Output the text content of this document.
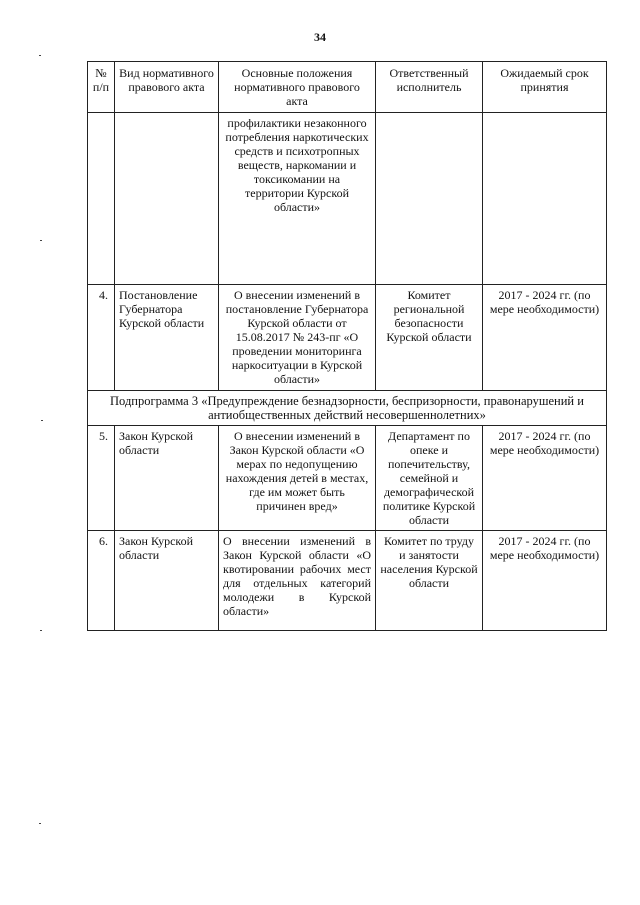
34
№ п/п	Вид нормативного правового акта	Основные положения нормативного правового акта	Ответственный исполнитель	Ожидаемый срок принятия
		профилактики незаконного потребления наркотических средств и психотропных веществ, наркомании и токсикомании на территории Курской области»		
4.	Постановление Губернатора Курской области	О внесении изменений в постановление Губернатора Курской области от 15.08.2017 № 243-пг «О проведении мониторинга наркоситуации в Курской области»	Комитет региональной безопасности Курской области	2017 - 2024 гг. (по мере необходимости)
Подпрограмма 3 «Предупреждение безнадзорности, беспризорности, правонарушений и антиобщественных действий несовершеннолетних»				
5.	Закон Курской области	О внесении изменений в Закон Курской области «О мерах по недопущению нахождения детей в местах, где им может быть причинен вред»	Департамент по опеке и попечительству, семейной и демографической политике Курской области	2017 - 2024 гг. (по мере необходимости)
6.	Закон Курской области	О внесении изменений в Закон Курской области «О квотировании рабочих мест для отдельных категорий молодежи в Курской области»	Комитет по труду и занятости населения Курской области	2017 - 2024 гг. (по мере необходимости)
